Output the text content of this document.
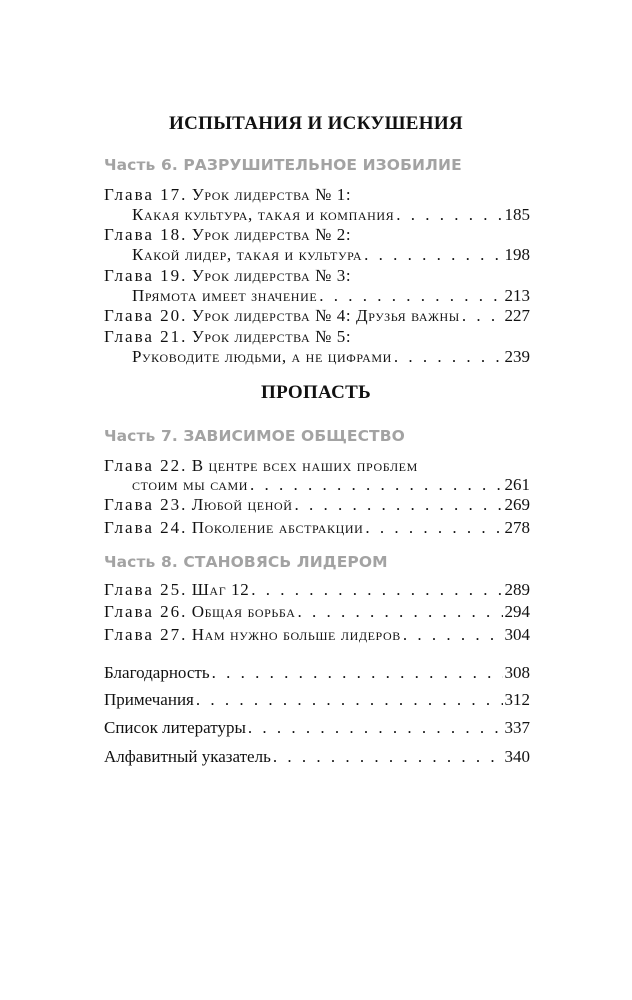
ИСПЫТАНИЯ И ИСКУШЕНИЯ
Часть 6. РАЗРУШИТЕЛЬНОЕ ИЗОБИЛИЕ
Глава 17.
Урок лидерства № 1:
Какая культура, такая и компания . . .	185
Глава 18.
Урок лидерства № 2:
Какой лидер, такая и культура . . .	198
Глава 19.
Урок лидерства № 3:
Прямота имеет значение . . .	213
Глава 20.
Урок лидерства № 4: Друзья важны . . .	227
Глава 21.
Урок лидерства № 5:
Руководите людьми, а не цифрами . . .	239
ПРОПАСТЬ
Часть 7. ЗАВИСИМОЕ ОБЩЕСТВО
Глава 22.
В центре всех наших проблем
стоим мы сами . . .	261
Глава 23.
Любой ценой . . .	269
Глава 24.
Поколение абстракции . . .	278
Часть 8. СТАНОВЯСЬ ЛИДЕРОМ
Глава 25.
Шаг 12 . . .	289
Глава 26.
Общая борьба . . .	294
Глава 27.
Нам нужно больше лидеров . . .	304
Благодарность . . .	308
Примечания . . .	312
Список литературы . . .	337
Алфавитный указатель . . .	340
